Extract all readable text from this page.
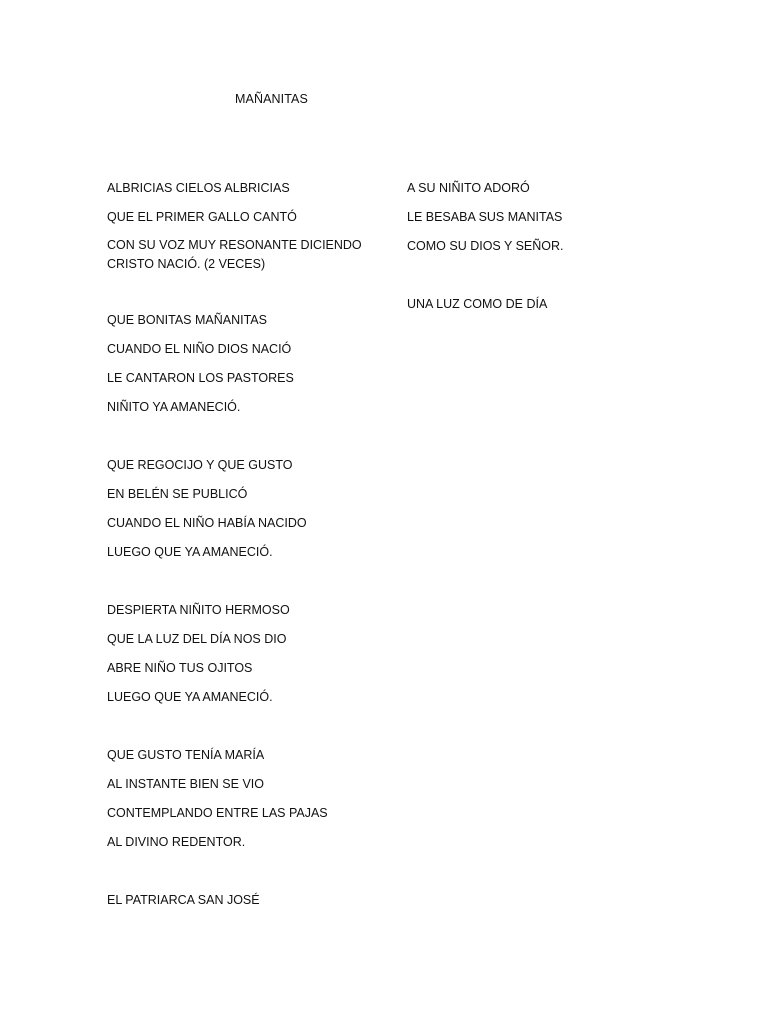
MAÑANITAS
ALBRICIAS CIELOS ALBRICIAS
QUE EL PRIMER GALLO CANTÓ
CON SU VOZ MUY RESONANTE DICIENDO CRISTO NACIÓ. (2 VECES)
QUE BONITAS MAÑANITAS
CUANDO EL NIÑO DIOS NACIÓ
LE CANTARON LOS PASTORES
NIÑITO YA AMANECIÓ.
QUE REGOCIJO Y QUE GUSTO
EN BELÉN SE PUBLICÓ
CUANDO EL NIÑO HABÍA NACIDO
LUEGO QUE YA AMANECIÓ.
DESPIERTA NIÑITO HERMOSO
QUE LA LUZ DEL DÍA NOS DIO
ABRE NIÑO TUS OJITOS
LUEGO QUE YA AMANECIÓ.
QUE GUSTO TENÍA MARÍA
AL INSTANTE BIEN SE VIO
CONTEMPLANDO ENTRE LAS PAJAS
AL DIVINO REDENTOR.
EL PATRIARCA SAN JOSÉ
A SU NIÑITO ADORÓ
LE BESABA SUS MANITAS
COMO SU DIOS Y SEÑOR.
UNA LUZ COMO DE DÍA
